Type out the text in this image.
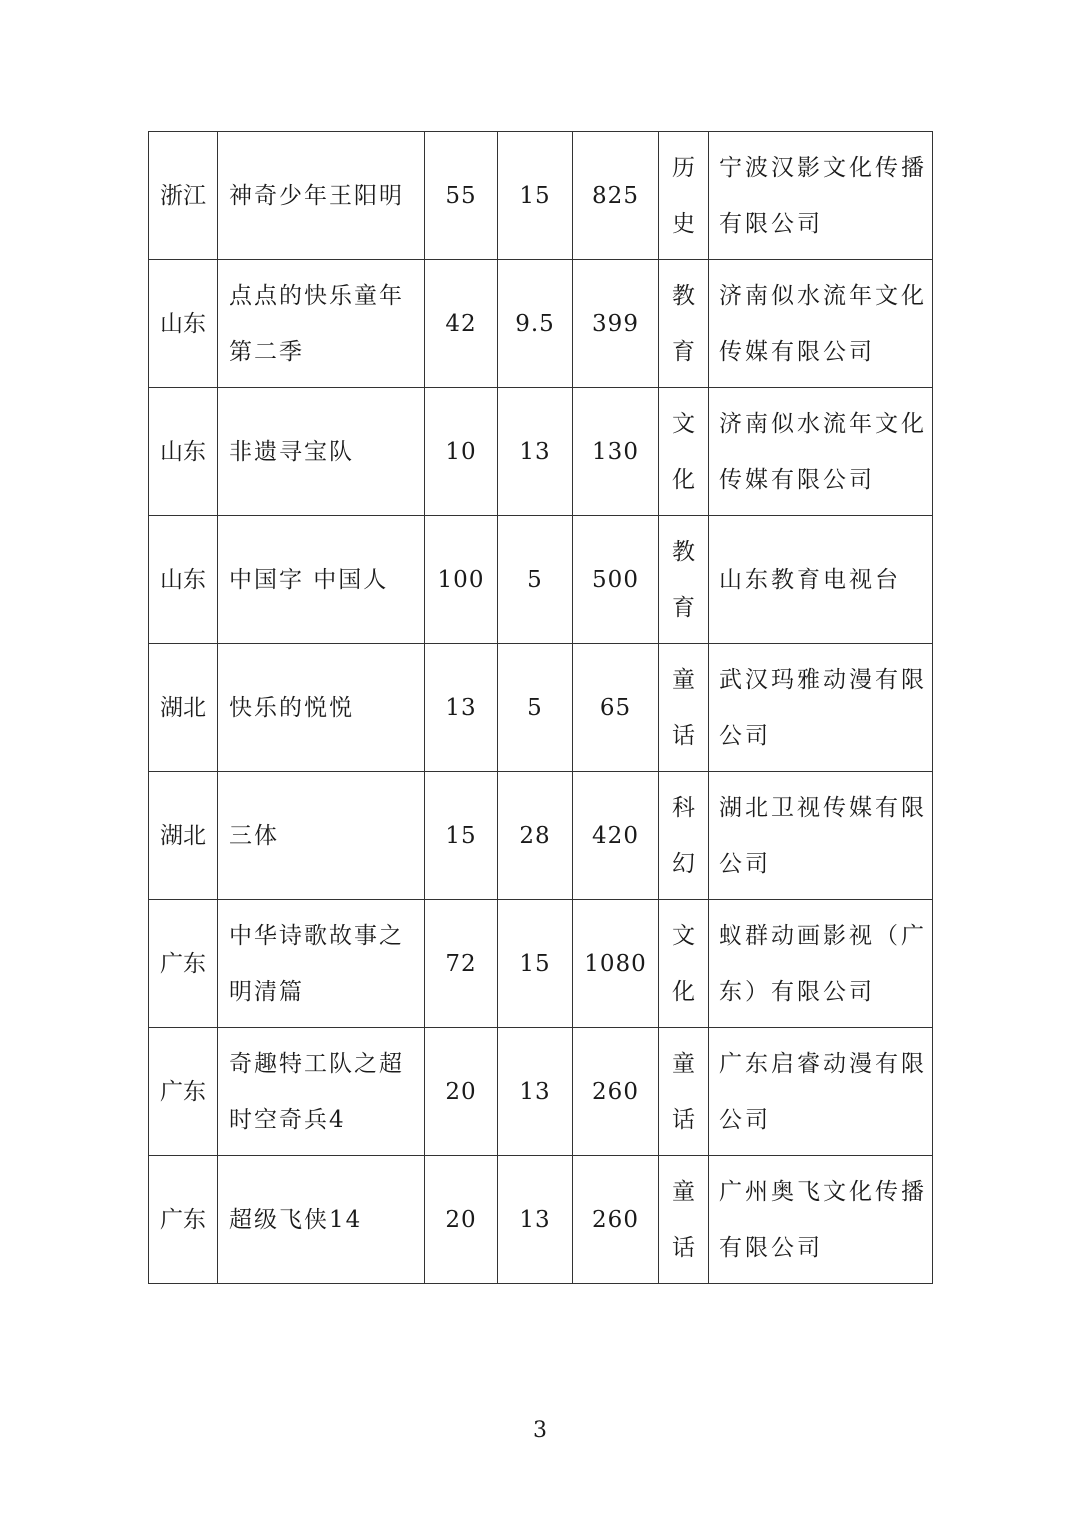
浙江	神奇少年王阳明	55	15	825	历史	宁波汉影文化传播有限公司
山东	点点的快乐童年第二季	42	9.5	399	教育	济南似水流年文化传媒有限公司
山东	非遗寻宝队	10	13	130	文化	济南似水流年文化传媒有限公司
山东	中国字 中国人	100	5	500	教育	山东教育电视台
湖北	快乐的悦悦	13	5	65	童话	武汉玛雅动漫有限公司
湖北	三体	15	28	420	科幻	湖北卫视传媒有限公司
广东	中华诗歌故事之明清篇	72	15	1080	文化	蚁群动画影视（广东）有限公司
广东	奇趣特工队之超时空奇兵4	20	13	260	童话	广东启睿动漫有限公司
广东	超级飞侠14	20	13	260	童话	广州奥飞文化传播有限公司
3
